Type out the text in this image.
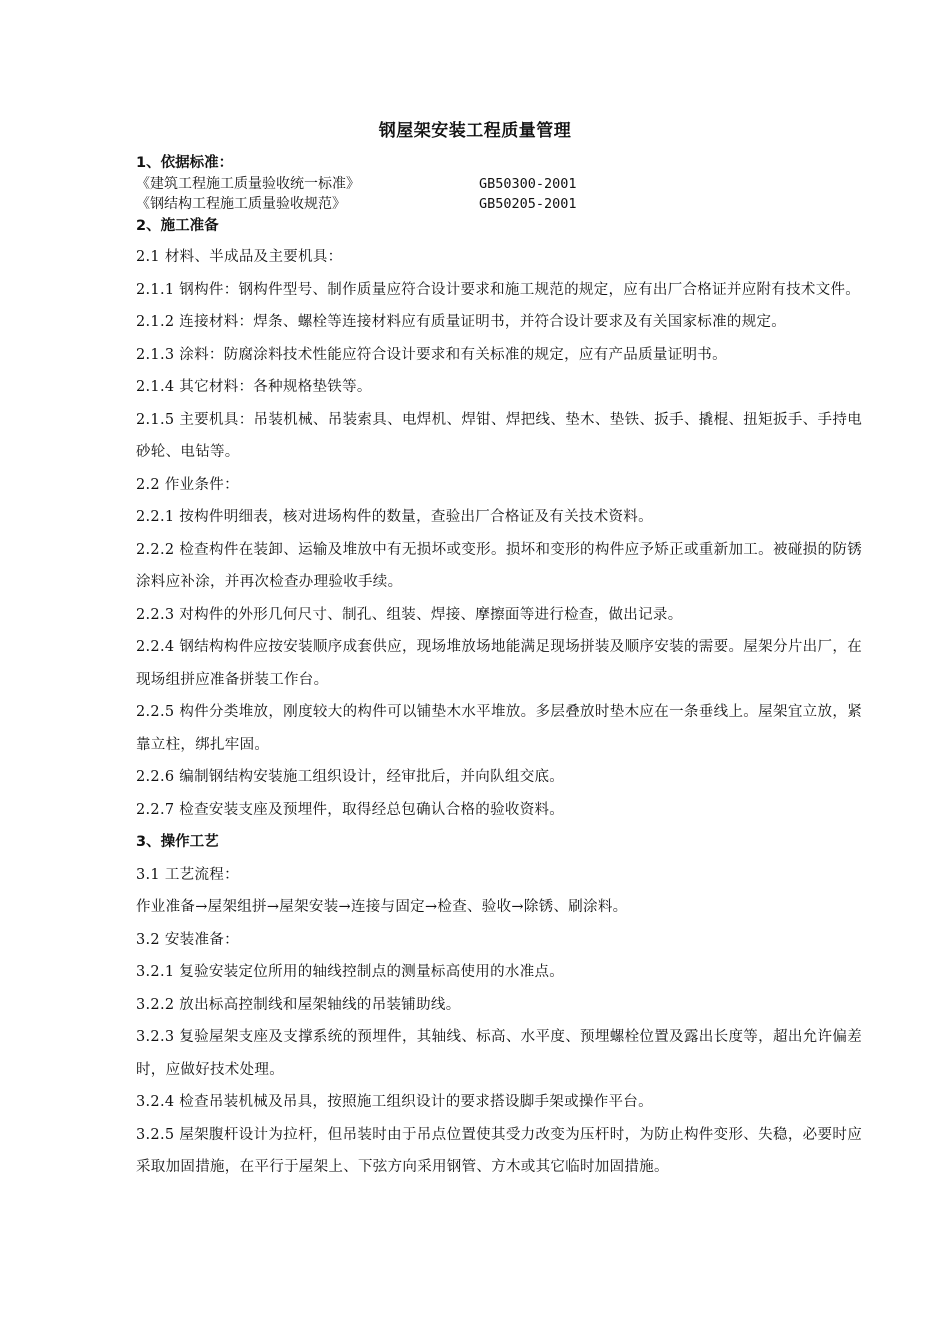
钢屋架安装工程质量管理

1、依据标准：

《建筑工程施工质量验收统一标准》	GB50300-2001
《钢结构工程施工质量验收规范》	GB50205-2001

2、施工准备

2.1 材料、半成品及主要机具：

2.1.1 钢构件：钢构件型号、制作质量应符合设计要求和施工规范的规定，应有出厂合格证并应附有技术文件。

2.1.2 连接材料：焊条、螺栓等连接材料应有质量证明书，并符合设计要求及有关国家标准的规定。

2.1.3 涂料：防腐涂料技术性能应符合设计要求和有关标准的规定，应有产品质量证明书。

2.1.4 其它材料：各种规格垫铁等。

2.1.5 主要机具：吊装机械、吊装索具、电焊机、焊钳、焊把线、垫木、垫铁、扳手、撬棍、扭矩扳手、手持电砂轮、电钻等。

2.2 作业条件：

2.2.1 按构件明细表，核对进场构件的数量，查验出厂合格证及有关技术资料。

2.2.2 检查构件在装卸、运输及堆放中有无损坏或变形。损坏和变形的构件应予矫正或重新加工。被碰损的防锈涂料应补涂，并再次检查办理验收手续。

2.2.3 对构件的外形几何尺寸、制孔、组装、焊接、摩擦面等进行检查，做出记录。

2.2.4 钢结构构件应按安装顺序成套供应，现场堆放场地能满足现场拼装及顺序安装的需要。屋架分片出厂，在现场组拼应准备拼装工作台。

2.2.5 构件分类堆放，刚度较大的构件可以铺垫木水平堆放。多层叠放时垫木应在一条垂线上。屋架宜立放，紧靠立柱，绑扎牢固。

2.2.6 编制钢结构安装施工组织设计，经审批后，并向队组交底。

2.2.7 检查安装支座及预埋件，取得经总包确认合格的验收资料。

3、操作工艺

3.1 工艺流程：

作业准备→屋架组拼→屋架安装→连接与固定→检查、验收→除锈、刷涂料。

3.2 安装准备：

3.2.1 复验安装定位所用的轴线控制点的测量标高使用的水准点。

3.2.2 放出标高控制线和屋架轴线的吊装铺助线。

3.2.3 复验屋架支座及支撑系统的预埋件，其轴线、标高、水平度、预埋螺栓位置及露出长度等，超出允许偏差时，应做好技术处理。

3.2.4 检查吊装机械及吊具，按照施工组织设计的要求搭设脚手架或操作平台。

3.2.5 屋架腹杆设计为拉杆，但吊装时由于吊点位置使其受力改变为压杆时，为防止构件变形、失稳，必要时应采取加固措施，在平行于屋架上、下弦方向采用钢管、方木或其它临时加固措施。
